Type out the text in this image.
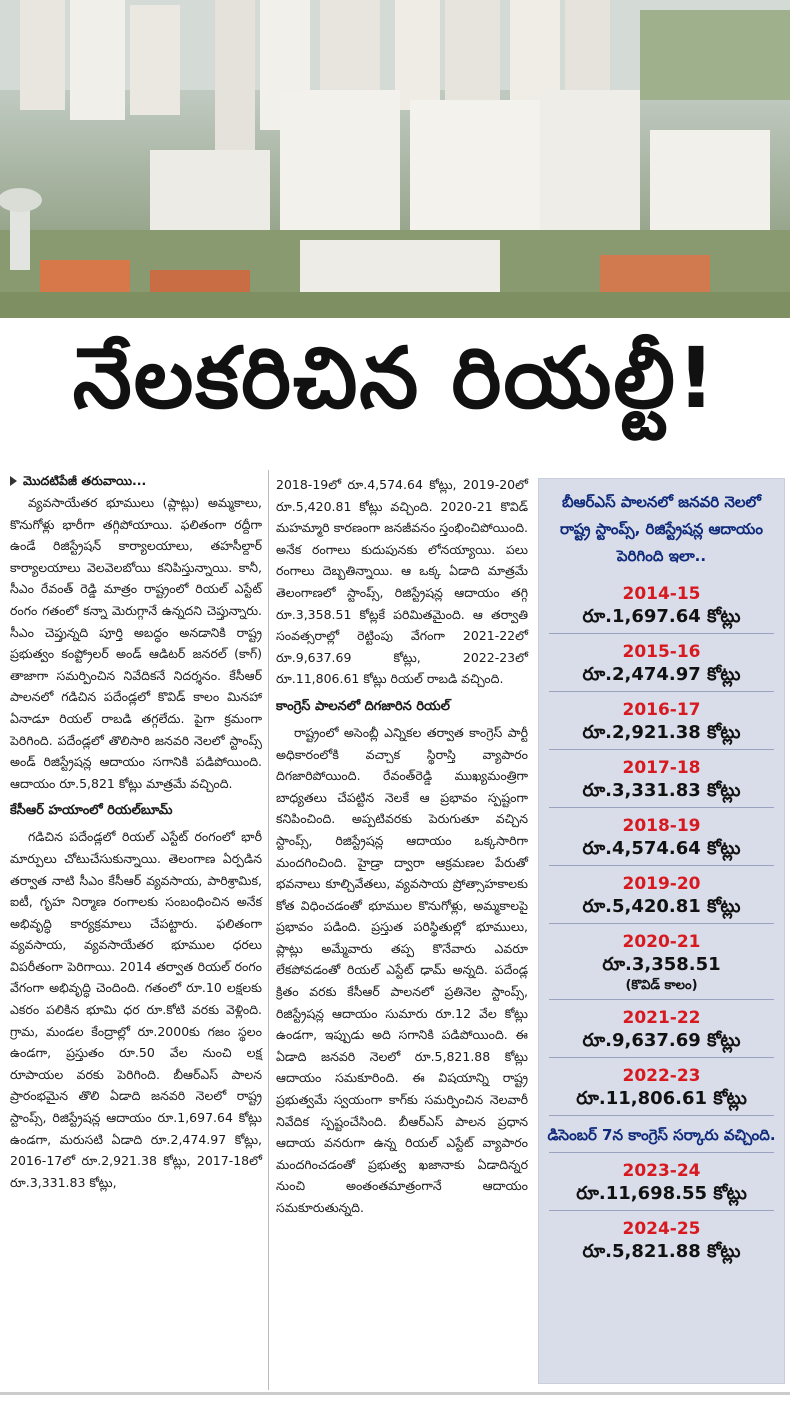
నేలకరిచిన రియల్టీ!
మొదటిపేజీ తరువాయి...

వ్యవసాయేతర భూములు (ప్లాట్లు) అమ్మకాలు, కొనుగోళ్లు భారీగా తగ్గిపోయాయి. ఫలితంగా రద్దీగా ఉండే రిజిస్ట్రేషన్ కార్యాలయాలు, తహసీల్దార్ కార్యాలయాలు వెలవెలబోయి కనిపిస్తున్నాయి. కానీ, సీఎం రేవంత్ రెడ్డి మాత్రం రాష్ట్రంలో రియల్ ఎస్టేట్ రంగం గతంలో కన్నా మెరుగ్గానే ఉన్నదని చెప్తున్నారు. సీఎం చెప్తున్నది పూర్తి అబద్ధం అనడానికి రాష్ట్ర ప్రభుత్వం కంప్ట్రోలర్ అండ్ ఆడిటర్ జనరల్ (కాగ్) తాజాగా సమర్పించిన నివేదికనే నిదర్శనం. కేసీఆర్ పాలనలో గడిచిన పదేండ్లలో కొవిడ్ కాలం మినహా ఏనాడూ రియల్ రాబడి తగ్గలేదు. పైగా క్రమంగా పెరిగింది. పదేండ్లలో తొలిసారి జనవరి నెలలో స్టాంప్స్ అండ్ రిజిస్ట్రేషన్ల ఆదాయం సగానికి పడిపోయింది. ఆదాయం రూ.5,821 కోట్లు మాత్రమే వచ్చింది.

కేసీఆర్ హయాంలో రియల్‌బూమ్

గడిచిన పదేండ్లలో రియల్ ఎస్టేట్ రంగంలో భారీ మార్పులు చోటుచేసుకున్నాయి. తెలంగాణ ఏర్పడిన తర్వాత నాటి సీఎం కేసీఆర్ వ్యవసాయ, పారిశ్రామిక, ఐటీ, గృహ నిర్మాణ రంగాలకు సంబంధించిన అనేక అభివృద్ధి కార్యక్రమాలు చేపట్టారు. ఫలితంగా వ్యవసాయ, వ్యవసాయేతర భూముల ధరలు విపరీతంగా పెరిగాయి. 2014 తర్వాత రియల్ రంగం వేగంగా అభివృద్ధి చెందింది. గతంలో రూ.10 లక్షలకు ఎకరం పలికిన భూమి ధర రూ.కోటి వరకు వెళ్లింది. గ్రామ, మండల కేంద్రాల్లో రూ.2000కు గజం స్థలం ఉండగా, ప్రస్తుతం రూ.50 వేల నుంచి లక్ష రూపాయల వరకు పెరిగింది. బీఆర్‌ఎస్ పాలన ప్రారంభమైన తొలి ఏడాది జనవరి నెలలో రాష్ట్ర స్టాంప్స్, రిజిస్ట్రేషన్ల ఆదాయం రూ.1,697.64 కోట్లు ఉండగా, మరుసటి ఏడాది రూ.2,474.97 కోట్లు, 2016-17లో రూ.2,921.38 కోట్లు, 2017-18లో రూ.3,331.83 కోట్లు,

2018-19లో రూ.4,574.64 కోట్లు, 2019-20లో రూ.5,420.81 కోట్లు వచ్చింది. 2020-21 కొవిడ్ మహమ్మారి కారణంగా జనజీవనం స్తంభించిపోయింది. అనేక రంగాలు కుదుపునకు లోనయ్యాయి. పలు రంగాలు దెబ్బతిన్నాయి. ఆ ఒక్క ఏడాది మాత్రమే తెలంగాణలో స్టాంప్స్, రిజిస్ట్రేషన్ల ఆదాయం తగ్గి రూ.3,358.51 కోట్లకే పరిమితమైంది. ఆ తర్వాతి సంవత్సరాల్లో రెట్టింపు వేగంగా 2021-22లో రూ.9,637.69 కోట్లు, 2022-23లో రూ.11,806.61 కోట్లు రియల్ రాబడి వచ్చింది.

కాంగ్రెస్ పాలనలో దిగజారిన రియల్

రాష్ట్రంలో అసెంబ్లీ ఎన్నికల తర్వాత కాంగ్రెస్ పార్టీ అధికారంలోకి వచ్చాక స్థిరాస్తి వ్యాపారం దిగజారిపోయింది. రేవంత్‌రెడ్డి ముఖ్యమంత్రిగా బాధ్యతలు చేపట్టిన నెలకే ఆ ప్రభావం స్పష్టంగా కనిపించింది. అప్పటివరకు పెరుగుతూ వచ్చిన స్టాంప్స్, రిజిస్ట్రేషన్ల ఆదాయం ఒక్కసారిగా మందగించింది. హైడ్రా ద్వారా ఆక్రమణల పేరుతో భవనాలు కూల్చివేతలు, వ్యవసాయ ప్రోత్సాహకాలకు కోత విధించడంతో భూముల కొనుగోళ్లు, అమ్మకాలపై ప్రభావం పడింది. ప్రస్తుత పరిస్థితుల్లో భూములు, ప్లాట్లు అమ్మేవారు తప్ప కొనేవారు ఎవరూ లేకపోవడంతో రియల్ ఎస్టేట్ ఢామ్ అన్నది. పదేండ్ల క్రితం వరకు కేసీఆర్ పాలనలో ప్రతినెల స్టాంప్స్, రిజిస్ట్రేషన్ల ఆదాయం సుమారు రూ.12 వేల కోట్లు ఉండగా, ఇప్పుడు అది సగానికి పడిపోయింది. ఈ ఏడాది జనవరి నెలలో రూ.5,821.88 కోట్లు ఆదాయం సమకూరింది. ఈ విషయాన్ని రాష్ట్ర ప్రభుత్వమే స్వయంగా కాగ్‌కు సమర్పించిన నెలవారీ నివేదిక స్పష్టంచేసింది. బీఆర్‌ఎస్ పాలన ప్రధాన ఆదాయ వనరుగా ఉన్న రియల్ ఎస్టేట్ వ్యాపారం మందగించడంతో ప్రభుత్వ ఖజానాకు ఏడాదిన్నర నుంచి అంతంతమాత్రంగానే ఆదాయం సమకూరుతున్నది.

బీఆర్‌ఎస్ పాలనలో జనవరి నెలలో రాష్ట్ర స్టాంప్స్, రిజిస్ట్రేషన్ల ఆదాయం పెరిగింది ఇలా..
2014-15
రూ.1,697.64 కోట్లు
2015-16
రూ.2,474.97 కోట్లు
2016-17
రూ.2,921.38 కోట్లు
2017-18
రూ.3,331.83 కోట్లు
2018-19
రూ.4,574.64 కోట్లు
2019-20
రూ.5,420.81 కోట్లు
2020-21
రూ.3,358.51
(కొవిడ్ కాలం)
2021-22
రూ.9,637.69 కోట్లు
2022-23
రూ.11,806.61 కోట్లు
డిసెంబర్ 7న కాంగ్రెస్ సర్కారు వచ్చింది.
2023-24
రూ.11,698.55 కోట్లు
2024-25
రూ.5,821.88 కోట్లు
